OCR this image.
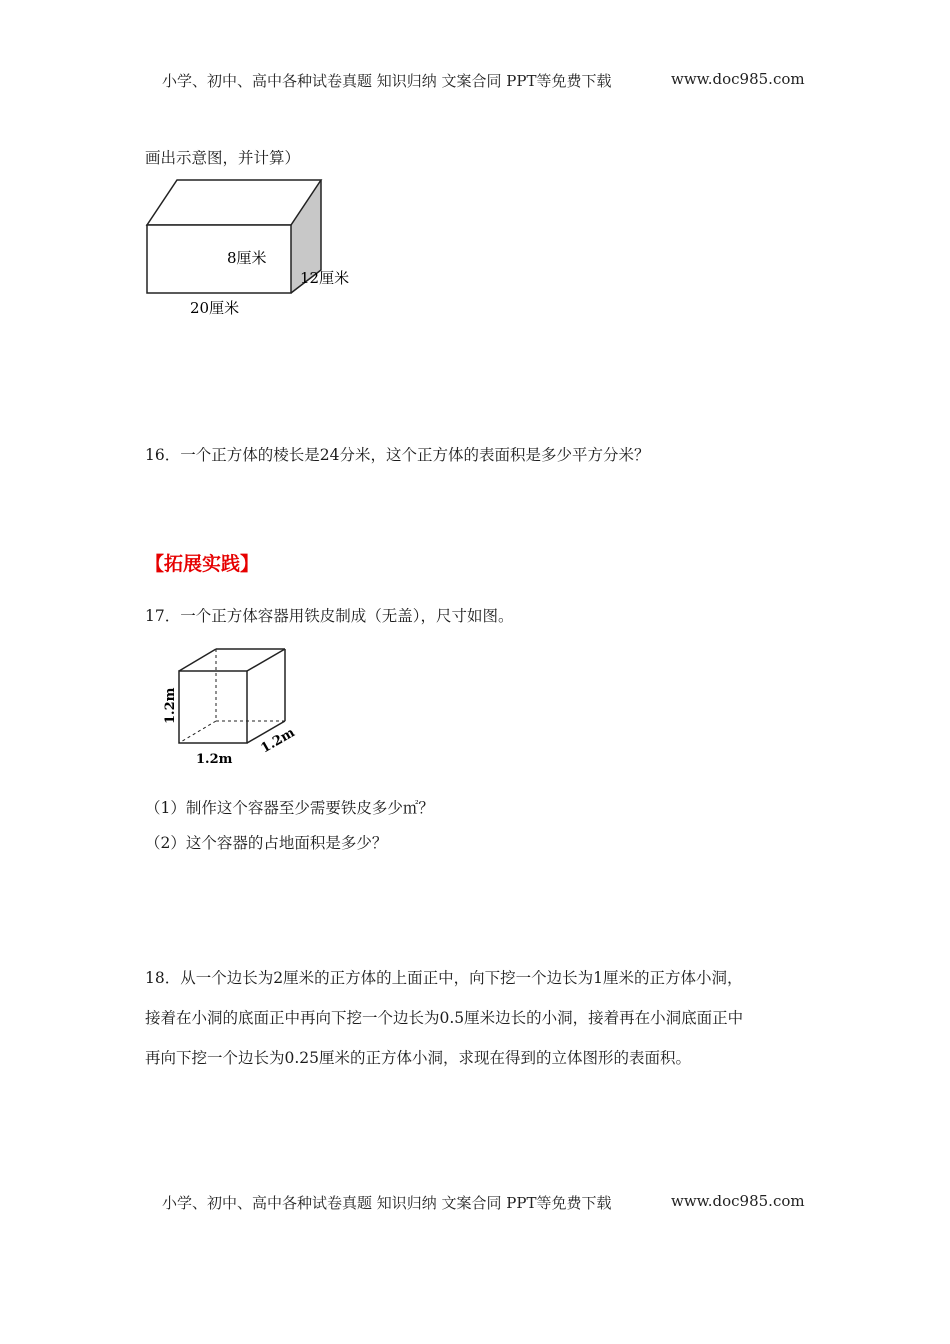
小学、初中、高中各种试卷真题 知识归纳 文案合同 PPT等免费下载	www.doc985.com
画出示意图，并计算）
8厘米
12厘米
20厘米
16．一个正方体的棱长是24分米，这个正方体的表面积是多少平方分米？
【拓展实践】
17．一个正方体容器用铁皮制成（无盖），尺寸如图。
1.2m
1.2m
1.2m
（1）制作这个容器至少需要铁皮多少㎡？
（2）这个容器的占地面积是多少？
18．从一个边长为2厘米的正方体的上面正中，向下挖一个边长为1厘米的正方体小洞，
接着在小洞的底面正中再向下挖一个边长为0.5厘米边长的小洞，接着再在小洞底面正中
再向下挖一个边长为0.25厘米的正方体小洞，求现在得到的立体图形的表面积。
小学、初中、高中各种试卷真题 知识归纳 文案合同 PPT等免费下载	www.doc985.com
